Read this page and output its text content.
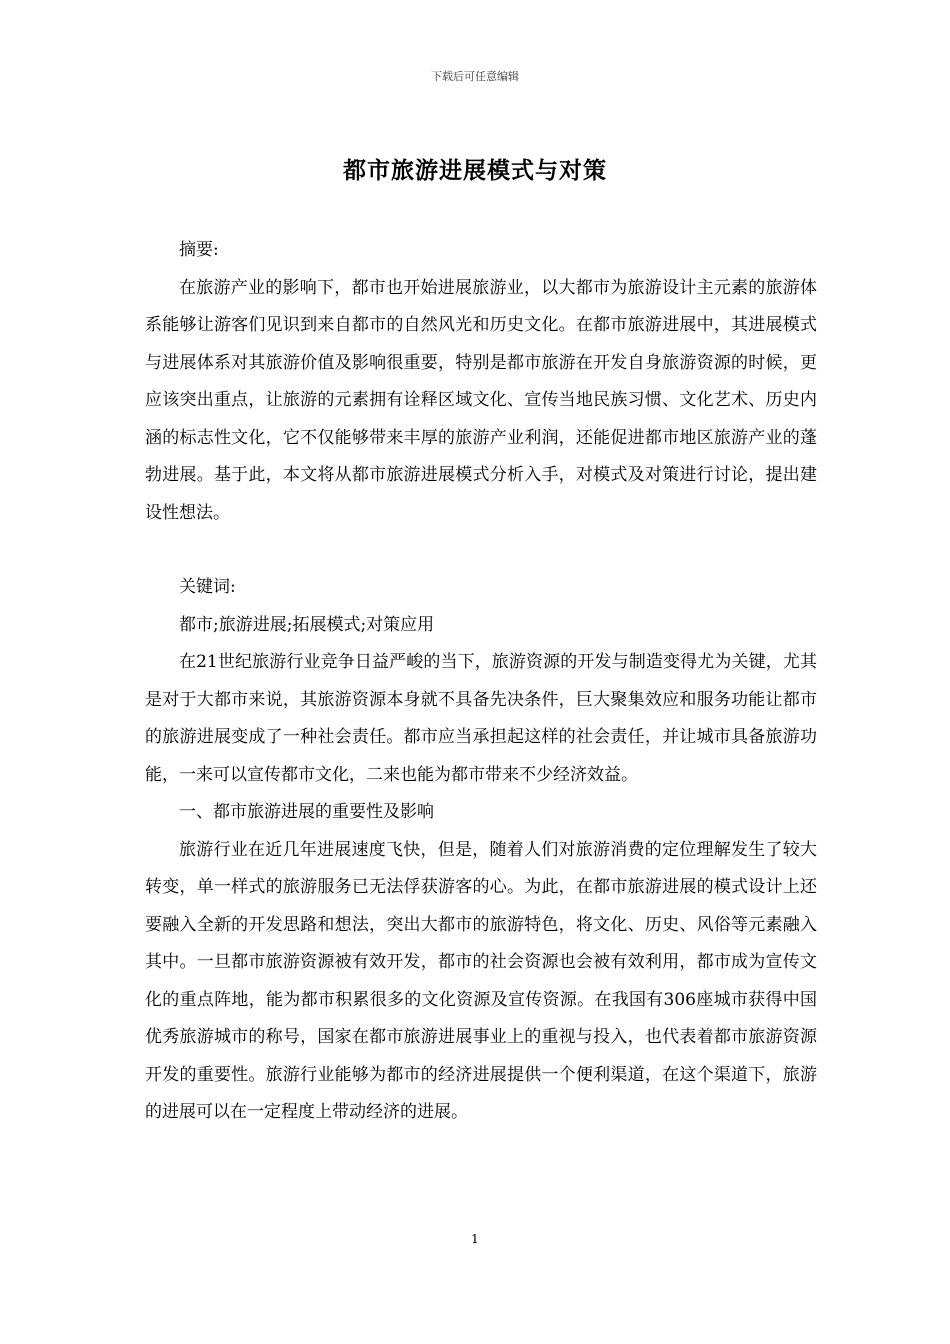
下载后可任意编辑
都市旅游进展模式与对策

摘要:

在旅游产业的影响下，都市也开始进展旅游业，以大都市为旅游设计主元素的旅游体系能够让游客们见识到来自都市的自然风光和历史文化。在都市旅游进展中，其进展模式与进展体系对其旅游价值及影响很重要，特别是都市旅游在开发自身旅游资源的时候，更应该突出重点，让旅游的元素拥有诠释区域文化、宣传当地民族习惯、文化艺术、历史内涵的标志性文化，它不仅能够带来丰厚的旅游产业利润，还能促进都市地区旅游产业的蓬勃进展。基于此，本文将从都市旅游进展模式分析入手，对模式及对策进行讨论，提出建设性想法。

关键词:

都市;旅游进展;拓展模式;对策应用

在21世纪旅游行业竞争日益严峻的当下，旅游资源的开发与制造变得尤为关键，尤其是对于大都市来说，其旅游资源本身就不具备先决条件，巨大聚集效应和服务功能让都市的旅游进展变成了一种社会责任。都市应当承担起这样的社会责任，并让城市具备旅游功能，一来可以宣传都市文化，二来也能为都市带来不少经济效益。

一、都市旅游进展的重要性及影响

旅游行业在近几年进展速度飞快，但是，随着人们对旅游消费的定位理解发生了较大转变，单一样式的旅游服务已无法俘获游客的心。为此，在都市旅游进展的模式设计上还要融入全新的开发思路和想法，突出大都市的旅游特色，将文化、历史、风俗等元素融入其中。一旦都市旅游资源被有效开发，都市的社会资源也会被有效利用，都市成为宣传文化的重点阵地，能为都市积累很多的文化资源及宣传资源。在我国有306座城市获得中国优秀旅游城市的称号，国家在都市旅游进展事业上的重视与投入，也代表着都市旅游资源开发的重要性。旅游行业能够为都市的经济进展提供一个便利渠道，在这个渠道下，旅游的进展可以在一定程度上带动经济的进展。

1
